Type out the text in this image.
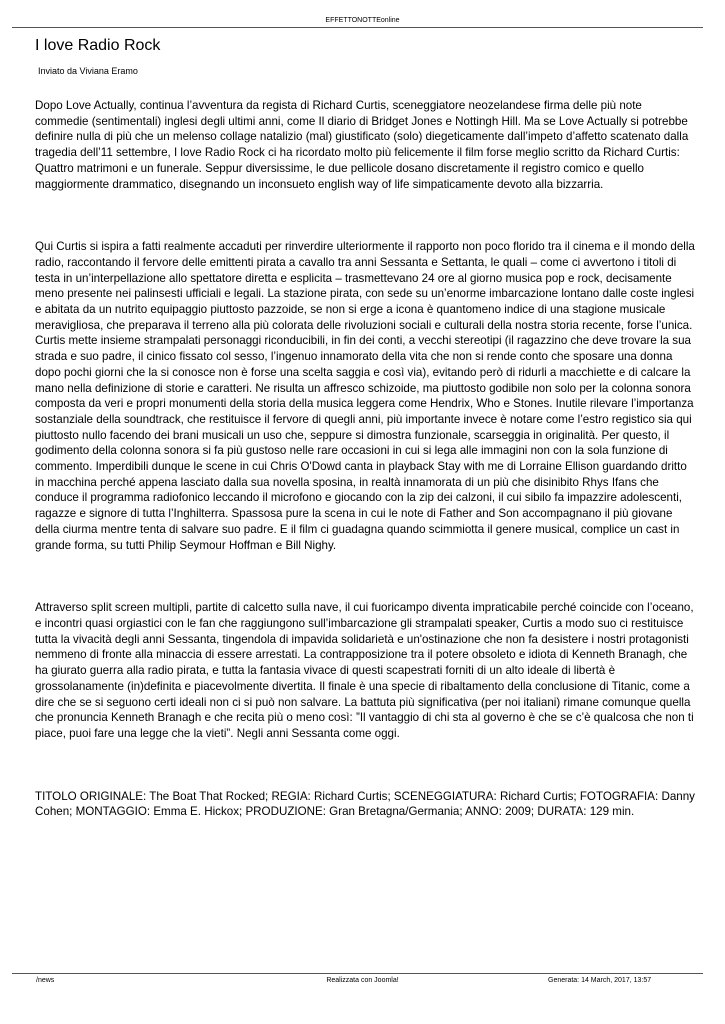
EFFETTONOTTEonline
I love Radio Rock
Inviato da Viviana Eramo

Dopo Love Actually, continua l’avventura da regista di Richard Curtis, sceneggiatore neozelandese firma delle più note commedie (sentimentali) inglesi degli ultimi anni, come Il diario di Bridget Jones e Nottingh Hill. Ma se Love Actually si potrebbe definire nulla di più che un melenso collage natalizio (mal) giustificato (solo) diegeticamente dall’impeto d’affetto scatenato dalla tragedia dell’11 settembre, I love Radio Rock ci ha ricordato molto più felicemente il film forse meglio scritto da Richard Curtis: Quattro matrimoni e un funerale. Seppur diversissime, le due pellicole dosano discretamente il registro comico e quello maggiormente drammatico, disegnando un inconsueto english way of life simpaticamente devoto alla bizzarria.

Qui Curtis si ispira a fatti realmente accaduti per rinverdire ulteriormente il rapporto non poco florido tra il cinema e il mondo della radio, raccontando il fervore delle emittenti pirata a cavallo tra anni Sessanta e Settanta, le quali – come ci avvertono i titoli di testa in un’interpellazione allo spettatore diretta e esplicita – trasmettevano 24 ore al giorno musica pop e rock, decisamente meno presente nei palinsesti ufficiali e legali. La stazione pirata, con sede su un’enorme imbarcazione lontano dalle coste inglesi e abitata da un nutrito equipaggio piuttosto pazzoide, se non si erge a icona è quantomeno indice di una stagione musicale meravigliosa, che preparava il terreno alla più colorata delle rivoluzioni sociali e culturali della nostra storia recente, forse l’unica. Curtis mette insieme strampalati personaggi riconducibili, in fin dei conti, a vecchi stereotipi (il ragazzino che deve trovare la sua strada e suo padre, il cinico fissato col sesso, l’ingenuo innamorato della vita che non si rende conto che sposare una donna dopo pochi giorni che la si conosce non è forse una scelta saggia e così via), evitando però di ridurli a macchiette e di calcare la mano nella definizione di storie e caratteri. Ne risulta un affresco schizoide, ma piuttosto godibile non solo per la colonna sonora composta da veri e propri monumenti della storia della musica leggera come Hendrix, Who e Stones. Inutile rilevare l’importanza sostanziale della soundtrack, che restituisce il fervore di quegli anni, più importante invece è notare come l’estro registico sia qui piuttosto nullo facendo dei brani musicali un uso che, seppure si dimostra funzionale, scarseggia in originalità. Per questo, il godimento della colonna sonora si fa più gustoso nelle rare occasioni in cui si lega alle immagini non con la sola funzione di commento. Imperdibili dunque le scene in cui Chris O'Dowd canta in playback Stay with me di Lorraine Ellison guardando dritto in macchina perché appena lasciato dalla sua novella sposina, in realtà innamorata di un più che disinibito Rhys Ifans che conduce il programma radiofonico leccando il microfono e giocando con la zip dei calzoni, il cui sibilo fa impazzire adolescenti, ragazze e signore di tutta l’Inghilterra. Spassosa pure la scena in cui le note di Father and Son accompagnano il più giovane della ciurma mentre tenta di salvare suo padre. E il film ci guadagna quando scimmiotta il genere musical, complice un cast in grande forma, su tutti Philip Seymour Hoffman e Bill Nighy.

Attraverso split screen multipli, partite di calcetto sulla nave, il cui fuoricampo diventa impraticabile perché coincide con l’oceano, e incontri quasi orgiastici con le fan che raggiungono sull’imbarcazione gli strampalati speaker, Curtis a modo suo ci restituisce tutta la vivacità degli anni Sessanta, tingendola di impavida solidarietà e un'ostinazione che non fa desistere i nostri protagonisti nemmeno di fronte alla minaccia di essere arrestati. La contrapposizione tra il potere obsoleto e idiota di Kenneth Branagh, che ha giurato guerra alla radio pirata, e tutta la fantasia vivace di questi scapestrati forniti di un alto ideale di libertà è grossolanamente (in)definita e piacevolmente divertita. Il finale è una specie di ribaltamento della conclusione di Titanic, come a dire che se si seguono certi ideali non ci si può non salvare. La battuta più significativa (per noi italiani) rimane comunque quella che pronuncia Kenneth Branagh e che recita più o meno così: ”Il vantaggio di chi sta al governo è che se c’è qualcosa che non ti piace, puoi fare una legge che la vieti”. Negli anni Sessanta come oggi.

TITOLO ORIGINALE: The Boat That Rocked; REGIA: Richard Curtis; SCENEGGIATURA: Richard Curtis; FOTOGRAFIA: Danny Cohen; MONTAGGIO: Emma E. Hickox; PRODUZIONE: Gran Bretagna/Germania; ANNO: 2009; DURATA: 129 min.

/news	Realizzata con Joomla!	Generata: 14 March, 2017, 13:57
